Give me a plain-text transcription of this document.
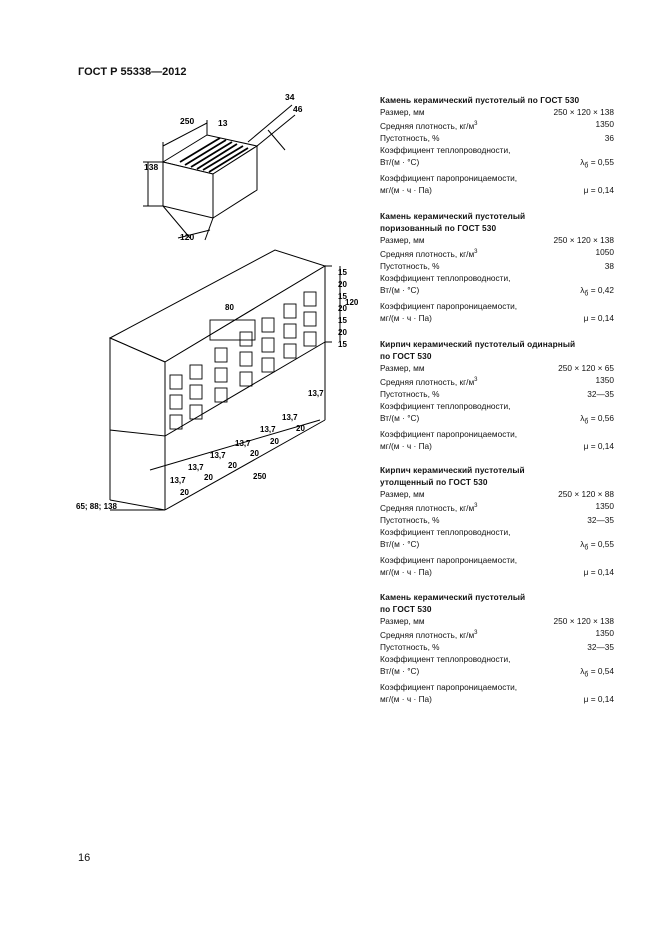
ГОСТ Р 55338—2012
250	13
34
46
138
120
15
20
15
20
15
20
15
120
80
13,7
20
13,7
20
13,7
20
13,7
20
13,7
20
13,7
20
13,7
250
65; 88; 138
Камень керамический пустотелый по ГОСТ 530
Размер, мм	250 × 120 × 138
Средняя плотность, $кг/м^3$	1350
Пустотность, %	36
Коэффициент теплопроводности,
Вт/(м · °С)	$\lambda_б = 0,55$
Коэффициент паропроницаемости,
мг/(м · ч · Па)	μ = 0,14
Камень керамический пустотелый
поризованный по ГОСТ 530
Размер, мм	250 × 120 × 138
Средняя плотность, $кг/м^3$	1050
Пустотность, %	38
Коэффициент теплопроводности,
Вт/(м · °С)	$\lambda_б = 0,42$
Коэффициент паропроницаемости,
мг/(м · ч · Па)	μ = 0,14
Кирпич керамический пустотелый одинарный
по ГОСТ 530
Размер, мм	250 × 120 × 65
Средняя плотность, $кг/м^3$	1350
Пустотность, %	32—35
Коэффициент теплопроводности,
Вт/(м · °С)	$\lambda_б = 0,56$
Коэффициент паропроницаемости,
мг/(м · ч · Па)	μ = 0,14
Кирпич керамический пустотелый
утолщенный по ГОСТ 530
Размер, мм	250 × 120 × 88
Средняя плотность, $кг/м^3$	1350
Пустотность, %	32—35
Коэффициент теплопроводности,
Вт/(м · °С)	$\lambda_б = 0,55$
Коэффициент паропроницаемости,
мг/(м · ч · Па)	μ = 0,14
Камень керамический пустотелый
по ГОСТ 530
Размер, мм	250 × 120 × 138
Средняя плотность, $кг/м^3$	1350
Пустотность, %	32—35
Коэффициент теплопроводности,
Вт/(м · °С)	$\lambda_б = 0,54$
Коэффициент паропроницаемости,
мг/(м · ч · Па)	μ = 0,14
16
